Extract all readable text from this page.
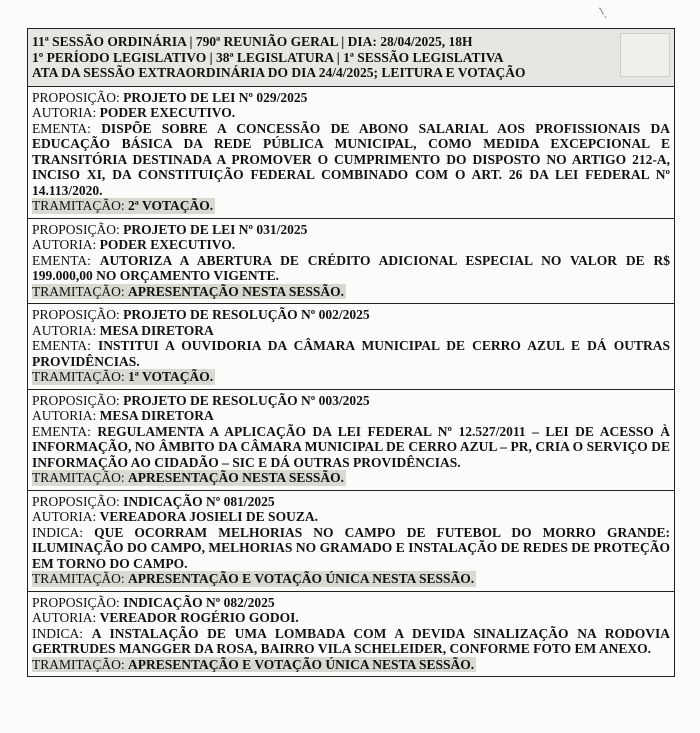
11ª SESSÃO ORDINÁRIA | 790ª REUNIÃO GERAL | DIA: 28/04/2025, 18H
1º PERÍODO LEGISLATIVO | 38ª LEGISLATURA | 1ª SESSÃO LEGISLATIVA
ATA DA SESSÃO EXTRAORDINÁRIA DO DIA 24/4/2025; LEITURA E VOTAÇÃO
PROPOSIÇÃO: PROJETO DE LEI Nº 029/2025
AUTORIA: PODER EXECUTIVO.
EMENTA: DISPÕE SOBRE A CONCESSÃO DE ABONO SALARIAL AOS PROFISSIONAIS DA EDUCAÇÃO BÁSICA DA REDE PÚBLICA MUNICIPAL, COMO MEDIDA EXCEPCIONAL E TRANSITÓRIA DESTINADA A PROMOVER O CUMPRIMENTO DO DISPOSTO NO ARTIGO 212-A, INCISO XI, DA CONSTITUIÇÃO FEDERAL COMBINADO COM O ART. 26 DA LEI FEDERAL Nº 14.113/2020.
TRAMITAÇÃO: 2ª VOTAÇÃO.
PROPOSIÇÃO: PROJETO DE LEI Nº 031/2025
AUTORIA: PODER EXECUTIVO.
EMENTA: AUTORIZA A ABERTURA DE CRÉDITO ADICIONAL ESPECIAL NO VALOR DE R$ 199.000,00 NO ORÇAMENTO VIGENTE.
TRAMITAÇÃO: APRESENTAÇÃO NESTA SESSÃO.
PROPOSIÇÃO: PROJETO DE RESOLUÇÃO Nº 002/2025
AUTORIA: MESA DIRETORA
EMENTA: INSTITUI A OUVIDORIA DA CÂMARA MUNICIPAL DE CERRO AZUL E DÁ OUTRAS PROVIDÊNCIAS.
TRAMITAÇÃO: 1ª VOTAÇÃO.
PROPOSIÇÃO: PROJETO DE RESOLUÇÃO Nº 003/2025
AUTORIA: MESA DIRETORA
EMENTA: REGULAMENTA A APLICAÇÃO DA LEI FEDERAL Nº 12.527/2011 – LEI DE ACESSO À INFORMAÇÃO, NO ÂMBITO DA CÂMARA MUNICIPAL DE CERRO AZUL – PR, CRIA O SERVIÇO DE INFORMAÇÃO AO CIDADÃO – SIC E DÁ OUTRAS PROVIDÊNCIAS.
TRAMITAÇÃO: APRESENTAÇÃO NESTA SESSÃO.
PROPOSIÇÃO: INDICAÇÃO Nº 081/2025
AUTORIA: VEREADORA JOSIELI DE SOUZA.
INDICA: QUE OCORRAM MELHORIAS NO CAMPO DE FUTEBOL DO MORRO GRANDE: ILUMINAÇÃO DO CAMPO, MELHORIAS NO GRAMADO E INSTALAÇÃO DE REDES DE PROTEÇÃO EM TORNO DO CAMPO.
TRAMITAÇÃO: APRESENTAÇÃO E VOTAÇÃO ÚNICA NESTA SESSÃO.
PROPOSIÇÃO: INDICAÇÃO Nº 082/2025
AUTORIA: VEREADOR ROGÉRIO GODOI.
INDICA: A INSTALAÇÃO DE UMA LOMBADA COM A DEVIDA SINALIZAÇÃO NA RODOVIA GERTRUDES MANGGER DA ROSA, BAIRRO VILA SCHELEIDER, CONFORME FOTO EM ANEXO.
TRAMITAÇÃO: APRESENTAÇÃO E VOTAÇÃO ÚNICA NESTA SESSÃO.
